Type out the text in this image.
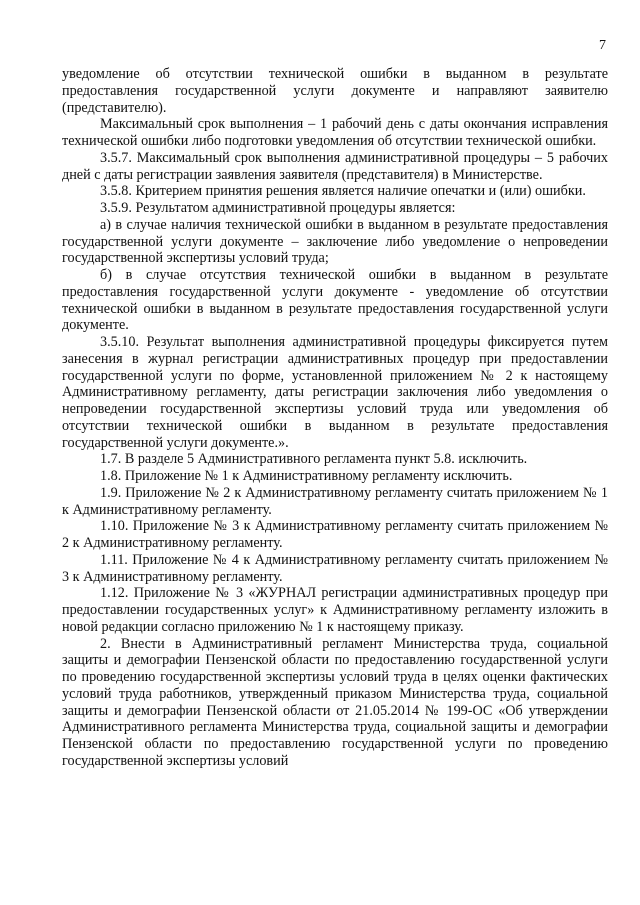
7

уведомление об отсутствии технической ошибки в выданном в результате предоставления государственной услуги документе и направляют заявителю (представителю).

Максимальный срок выполнения – 1 рабочий день с даты окончания исправления технической ошибки либо подготовки уведомления об отсутствии технической ошибки.

3.5.7. Максимальный срок выполнения административной процедуры – 5 рабочих дней с даты регистрации заявления заявителя (представителя) в Министерстве.

3.5.8. Критерием принятия решения является наличие опечатки и (или) ошибки.

3.5.9. Результатом административной процедуры является:

а) в случае наличия технической ошибки в выданном в результате предоставления государственной услуги документе – заключение либо уведомление о непроведении государственной экспертизы условий труда;

б) в случае отсутствия технической ошибки в выданном в результате предоставления государственной услуги документе - уведомление об отсутствии технической ошибки в выданном в результате предоставления государственной услуги документе.

3.5.10. Результат выполнения административной процедуры фиксируется путем занесения в журнал регистрации административных процедур при предоставлении государственной услуги по форме, установленной приложением № 2 к настоящему Административному регламенту, даты регистрации заключения либо уведомления о непроведении государственной экспертизы условий труда или уведомления об отсутствии технической ошибки в выданном в результате предоставления государственной услуги документе.».

1.7. В разделе 5 Административного регламента пункт 5.8. исключить.

1.8. Приложение № 1 к Административному регламенту исключить.

1.9. Приложение № 2 к Административному регламенту считать приложением № 1 к Административному регламенту.

1.10. Приложение № 3 к Административному регламенту считать приложением № 2 к Административному регламенту.

1.11. Приложение № 4 к Административному регламенту считать приложением № 3 к Административному регламенту.

1.12. Приложение № 3 «ЖУРНАЛ регистрации административных процедур при предоставлении государственных услуг» к Административному регламенту изложить в новой редакции согласно приложению № 1 к настоящему приказу.

2. Внести в Административный регламент Министерства труда, социальной защиты и демографии Пензенской области по предоставлению государственной услуги по проведению государственной экспертизы условий труда в целях оценки фактических условий труда работников, утвержденный приказом Министерства труда, социальной защиты и демографии Пензенской области от 21.05.2014 № 199-ОС «Об утверждении Административного регламента Министерства труда, социальной защиты и демографии Пензенской области по предоставлению государственной услуги по проведению государственной экспертизы условий
